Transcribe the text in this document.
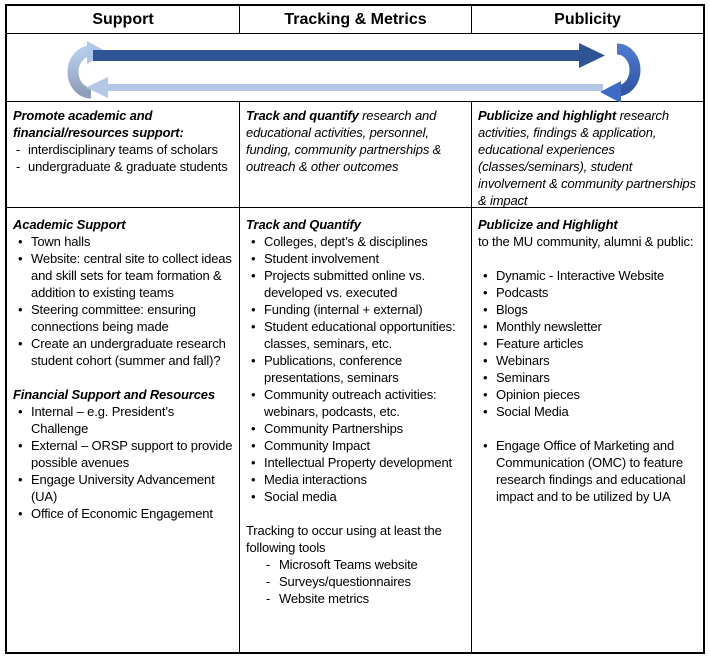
Support	Tracking & Metrics	Publicity
Promote academic and financial/resources support:
- interdisciplinary teams of scholars
- undergraduate & graduate students
Track and quantify research and educational activities, personnel, funding, community partnerships & outreach & other outcomes
Publicize and highlight research activities, findings & application, educational experiences (classes/seminars), student involvement & community partnerships & impact
Academic Support
• Town halls
• Website: central site to collect ideas and skill sets for team formation & addition to existing teams
• Steering committee: ensuring connections being made
• Create an undergraduate research student cohort (summer and fall)?
Financial Support and Resources
• Internal – e.g. President’s Challenge
• External – ORSP support to provide possible avenues
• Engage University Advancement (UA)
• Office of Economic Engagement
Track and Quantify
• Colleges, dept’s & disciplines
• Student involvement
• Projects submitted online vs. developed vs. executed
• Funding (internal + external)
• Student educational opportunities: classes, seminars, etc.
• Publications, conference presentations, seminars
• Community outreach activities: webinars, podcasts, etc.
• Community Partnerships
• Community Impact
• Intellectual Property development
• Media interactions
• Social media
Tracking to occur using at least the following tools
- Microsoft Teams website
- Surveys/questionnaires
- Website metrics
Publicize and Highlight
to the MU community, alumni & public:
• Dynamic - Interactive Website
• Podcasts
• Blogs
• Monthly newsletter
• Feature articles
• Webinars
• Seminars
• Opinion pieces
• Social Media
• Engage Office of Marketing and Communication (OMC) to feature research findings and educational impact and to be utilized by UA
